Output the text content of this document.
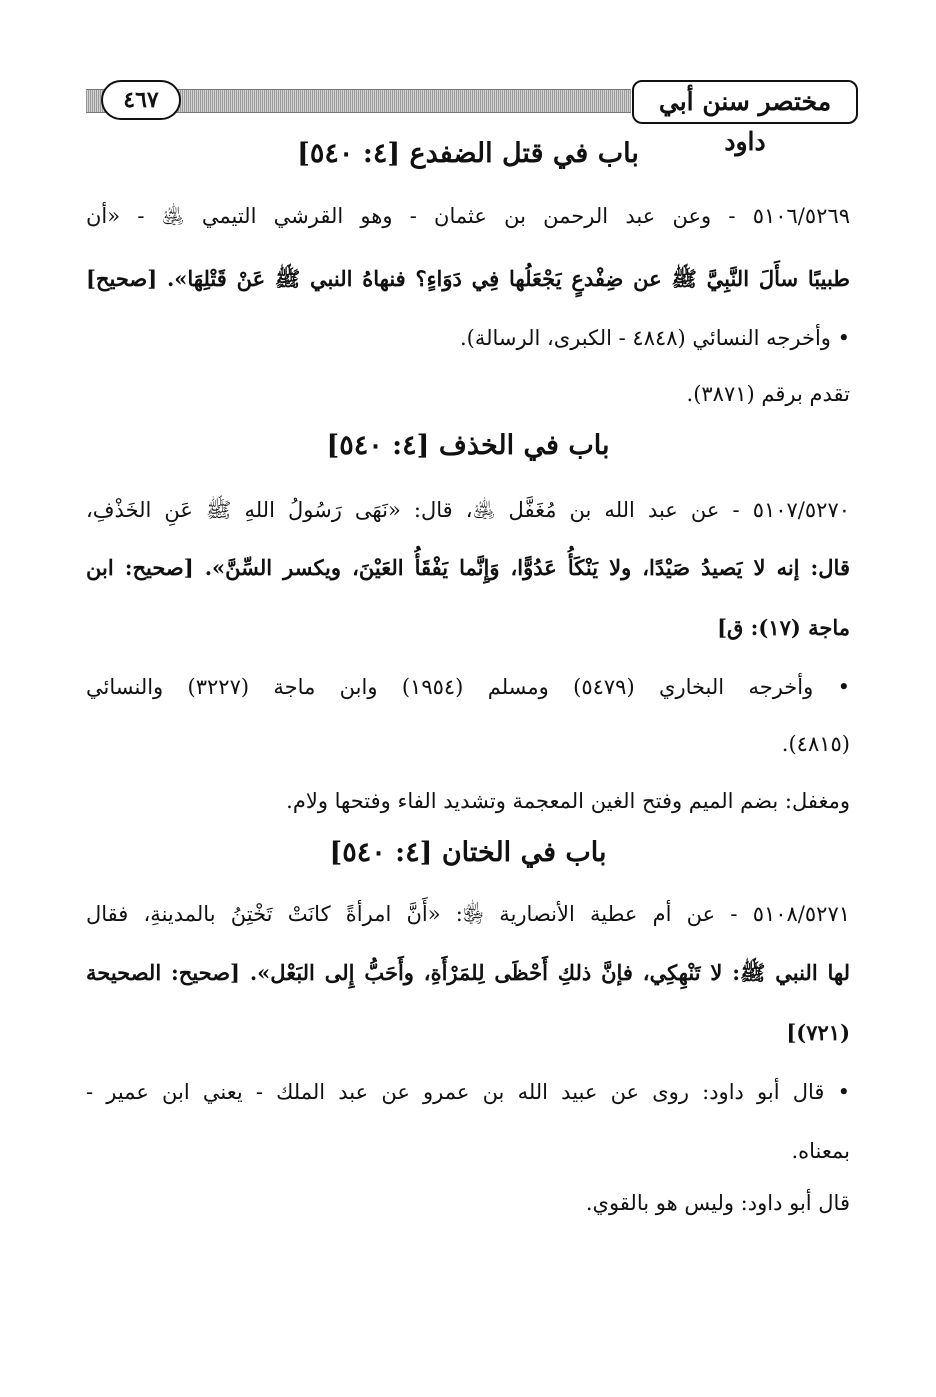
٤٦٧	مختصر سنن أبي داود
باب في قتل الضفدع [٤: ٥٤٠]
٥١٠٦/٥٢٦٩ - وعن عبد الرحمن بن عثمان - وهو القرشي التيمي ﵁ - «أن
طبيبًا سأَلَ النَّبِيَّ ﷺ عن ضِفْدعٍ يَجْعَلُها فِي دَوَاءٍ؟ فنهاهُ النبي ﷺ عَنْ قَتْلِهَا». [صحيح]
• وأخرجه النسائي (٤٨٤٨ - الكبرى، الرسالة).
تقدم برقم (٣٨٧١).
باب في الخذف [٤: ٥٤٠]
٥١٠٧/٥٢٧٠ - عن عبد الله بن مُغَفَّل ﵁، قال: «نَهَى رَسُولُ اللهِ ﷺ عَنِ الخَذْفِ،
قال: إنه لا يَصيدُ صَيْدًا، ولا يَنْكَأُ عَدُوًّا، وَإِنَّما يَفْقَأُ العَيْنَ، ويكسر السِّنَّ». [صحيح: ابن
ماجة (١٧): ق]
• وأخرجه البخاري (٥٤٧٩) ومسلم (١٩٥٤) وابن ماجة (٣٢٢٧) والنسائي
(٤٨١٥).
ومغفل: بضم الميم وفتح الغين المعجمة وتشديد الفاء وفتحها ولام.
باب في الختان [٤: ٥٤٠]
٥١٠٨/٥٢٧١ - عن أم عطية الأنصارية ﵂: «أَنَّ امرأةً كانَتْ تَخْتِنُ بالمدينةِ، فقال
لها النبي ﷺ: لا تَنْهِكِي، فإنَّ ذلكِ أَحْظَى لِلمَرْأَةِ، وأَحَبُّ إِلى البَعْل». [صحيح: الصحيحة
(٧٢١)]
• قال أبو داود: روى عن عبيد الله بن عمرو عن عبد الملك - يعني ابن عمير -
بمعناه.
قال أبو داود: وليس هو بالقوي.
